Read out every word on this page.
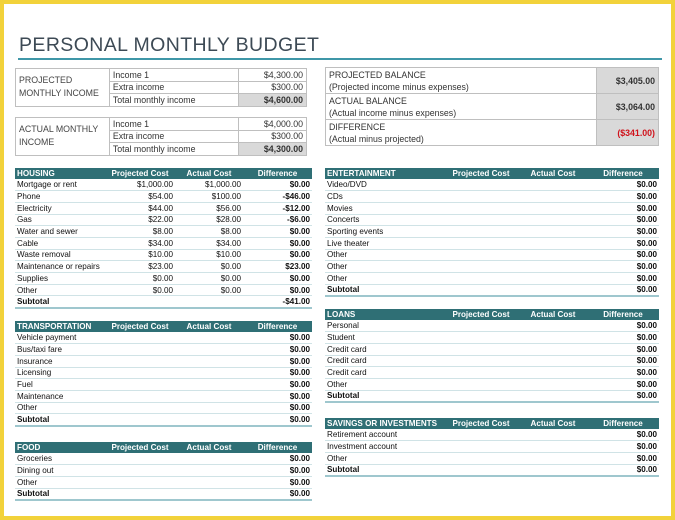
PERSONAL MONTHLY BUDGET
PROJECTED
MONTHLY INCOME	Income 1	$4,300.00
	Extra income	$300.00
	Total monthly income	$4,600.00
ACTUAL MONTHLY
INCOME	Income 1	$4,000.00
	Extra income	$300.00
	Total monthly income	$4,300.00
PROJECTED BALANCE
(Projected income minus expenses)	$3,405.00

ACTUAL BALANCE
(Actual income minus expenses)	$3,064.00

DIFFERENCE
(Actual minus projected)	($341.00)
HOUSING	Projected Cost	Actual Cost	Difference
Mortgage or rent	$1,000.00	$1,000.00	$0.00
Phone	$54.00	$100.00	-$46.00
Electricity	$44.00	$56.00	-$12.00
Gas	$22.00	$28.00	-$6.00
Water and sewer	$8.00	$8.00	$0.00
Cable	$34.00	$34.00	$0.00
Waste removal	$10.00	$10.00	$0.00
Maintenance or repairs	$23.00	$0.00	$23.00
Supplies	$0.00	$0.00	$0.00
Other	$0.00	$0.00	$0.00
Subtotal			-$41.00
TRANSPORTATION	Projected Cost	Actual Cost	Difference
Vehicle payment			$0.00
Bus/taxi fare			$0.00
Insurance			$0.00
Licensing			$0.00
Fuel			$0.00
Maintenance			$0.00
Other			$0.00
Subtotal			$0.00
FOOD	Projected Cost	Actual Cost	Difference
Groceries			$0.00
Dining out			$0.00
Other			$0.00
Subtotal			$0.00
ENTERTAINMENT	Projected Cost	Actual Cost	Difference
Video/DVD			$0.00
CDs			$0.00
Movies			$0.00
Concerts			$0.00
Sporting events			$0.00
Live theater			$0.00
Other			$0.00
Other			$0.00
Other			$0.00
Subtotal			$0.00
LOANS	Projected Cost	Actual Cost	Difference
Personal			$0.00
Student			$0.00
Credit card			$0.00
Credit card			$0.00
Credit card			$0.00
Other			$0.00
Subtotal			$0.00
SAVINGS OR INVESTMENTS	Projected Cost	Actual Cost	Difference
Retirement account			$0.00
Investment account			$0.00
Other			$0.00
Subtotal			$0.00
